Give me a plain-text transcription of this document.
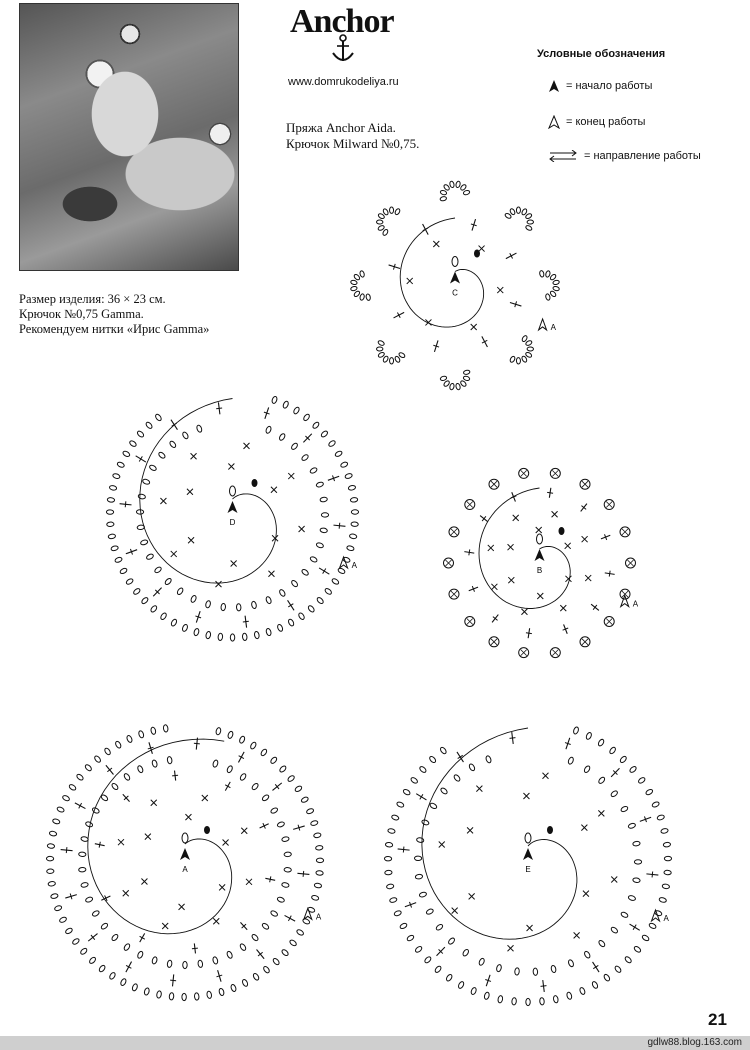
Anchor
www.domrukodeliya.ru
Пряжа Anchor Aida.
Крючок Milward №0,75.
Условные обозначения
= начало работы
= конец работы
= направление работы
Размер изделия: 36 × 23 см.
Крючок №0,75 Gamma.
Рекомендуем нитки «Ирис Gamma»
C
A
D
A
B
A
A
A
E
A
21
gdlw88.blog.163.com
